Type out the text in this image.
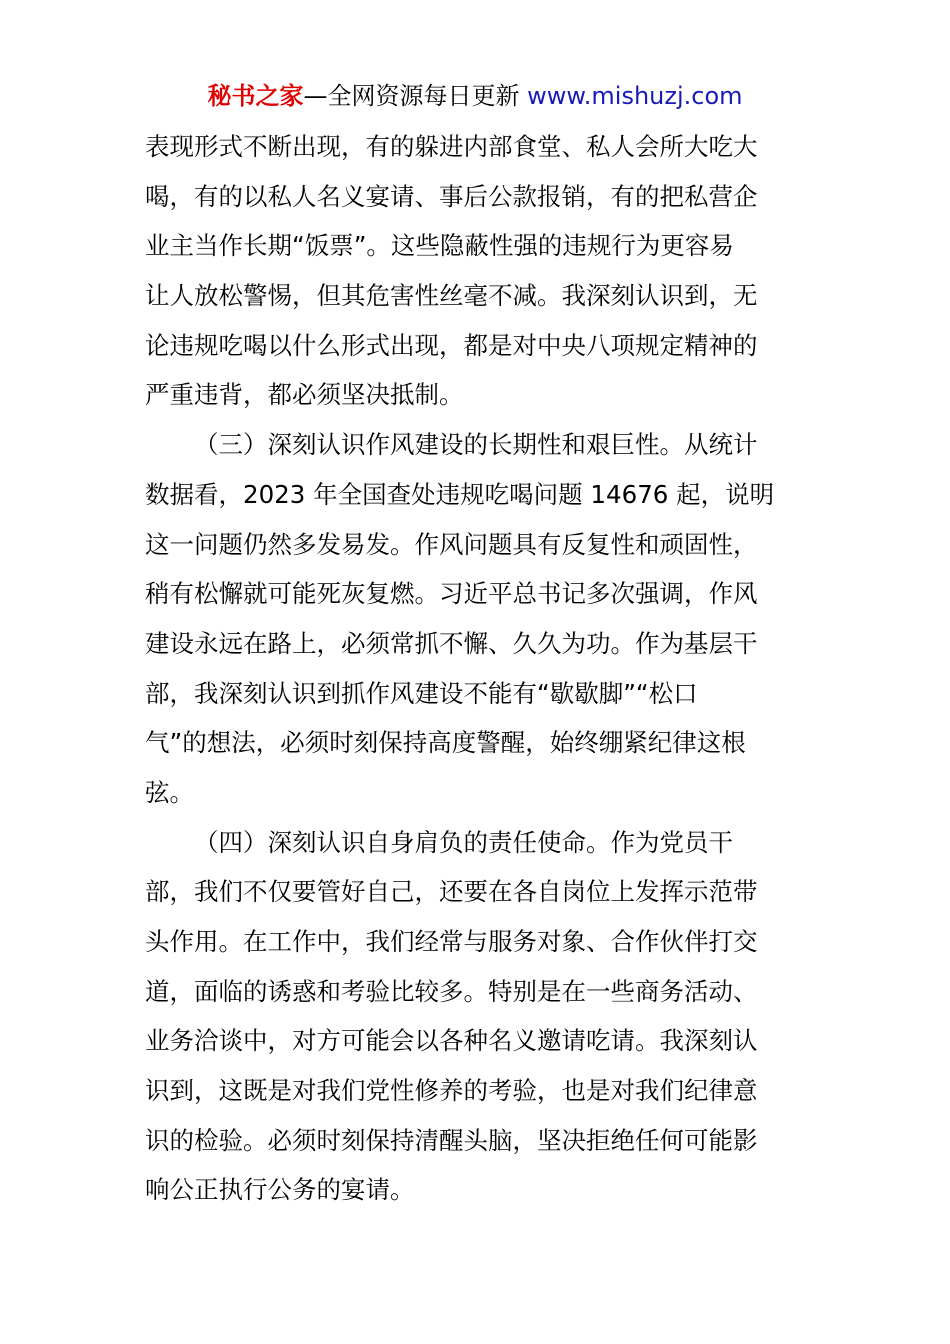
秘书之家—全网资源每日更新 www.mishuzj.com
表现形式不断出现，有的躲进内部食堂、私人会所大吃大
喝，有的以私人名义宴请、事后公款报销，有的把私营企
业主当作长期“饭票”。这些隐蔽性强的违规行为更容易
让人放松警惕，但其危害性丝毫不减。我深刻认识到，无
论违规吃喝以什么形式出现，都是对中央八项规定精神的
严重违背，都必须坚决抵制。
（三）深刻认识作风建设的长期性和艰巨性。从统计
数据看，2023 年全国查处违规吃喝问题 14676 起，说明
这一问题仍然多发易发。作风问题具有反复性和顽固性，
稍有松懈就可能死灰复燃。习近平总书记多次强调，作风
建设永远在路上，必须常抓不懈、久久为功。作为基层干
部，我深刻认识到抓作风建设不能有“歇歇脚”“松口
气”的想法，必须时刻保持高度警醒，始终绷紧纪律这根
弦。
（四）深刻认识自身肩负的责任使命。作为党员干
部，我们不仅要管好自己，还要在各自岗位上发挥示范带
头作用。在工作中，我们经常与服务对象、合作伙伴打交
道，面临的诱惑和考验比较多。特别是在一些商务活动、
业务洽谈中，对方可能会以各种名义邀请吃请。我深刻认
识到，这既是对我们党性修养的考验，也是对我们纪律意
识的检验。必须时刻保持清醒头脑，坚决拒绝任何可能影
响公正执行公务的宴请。
